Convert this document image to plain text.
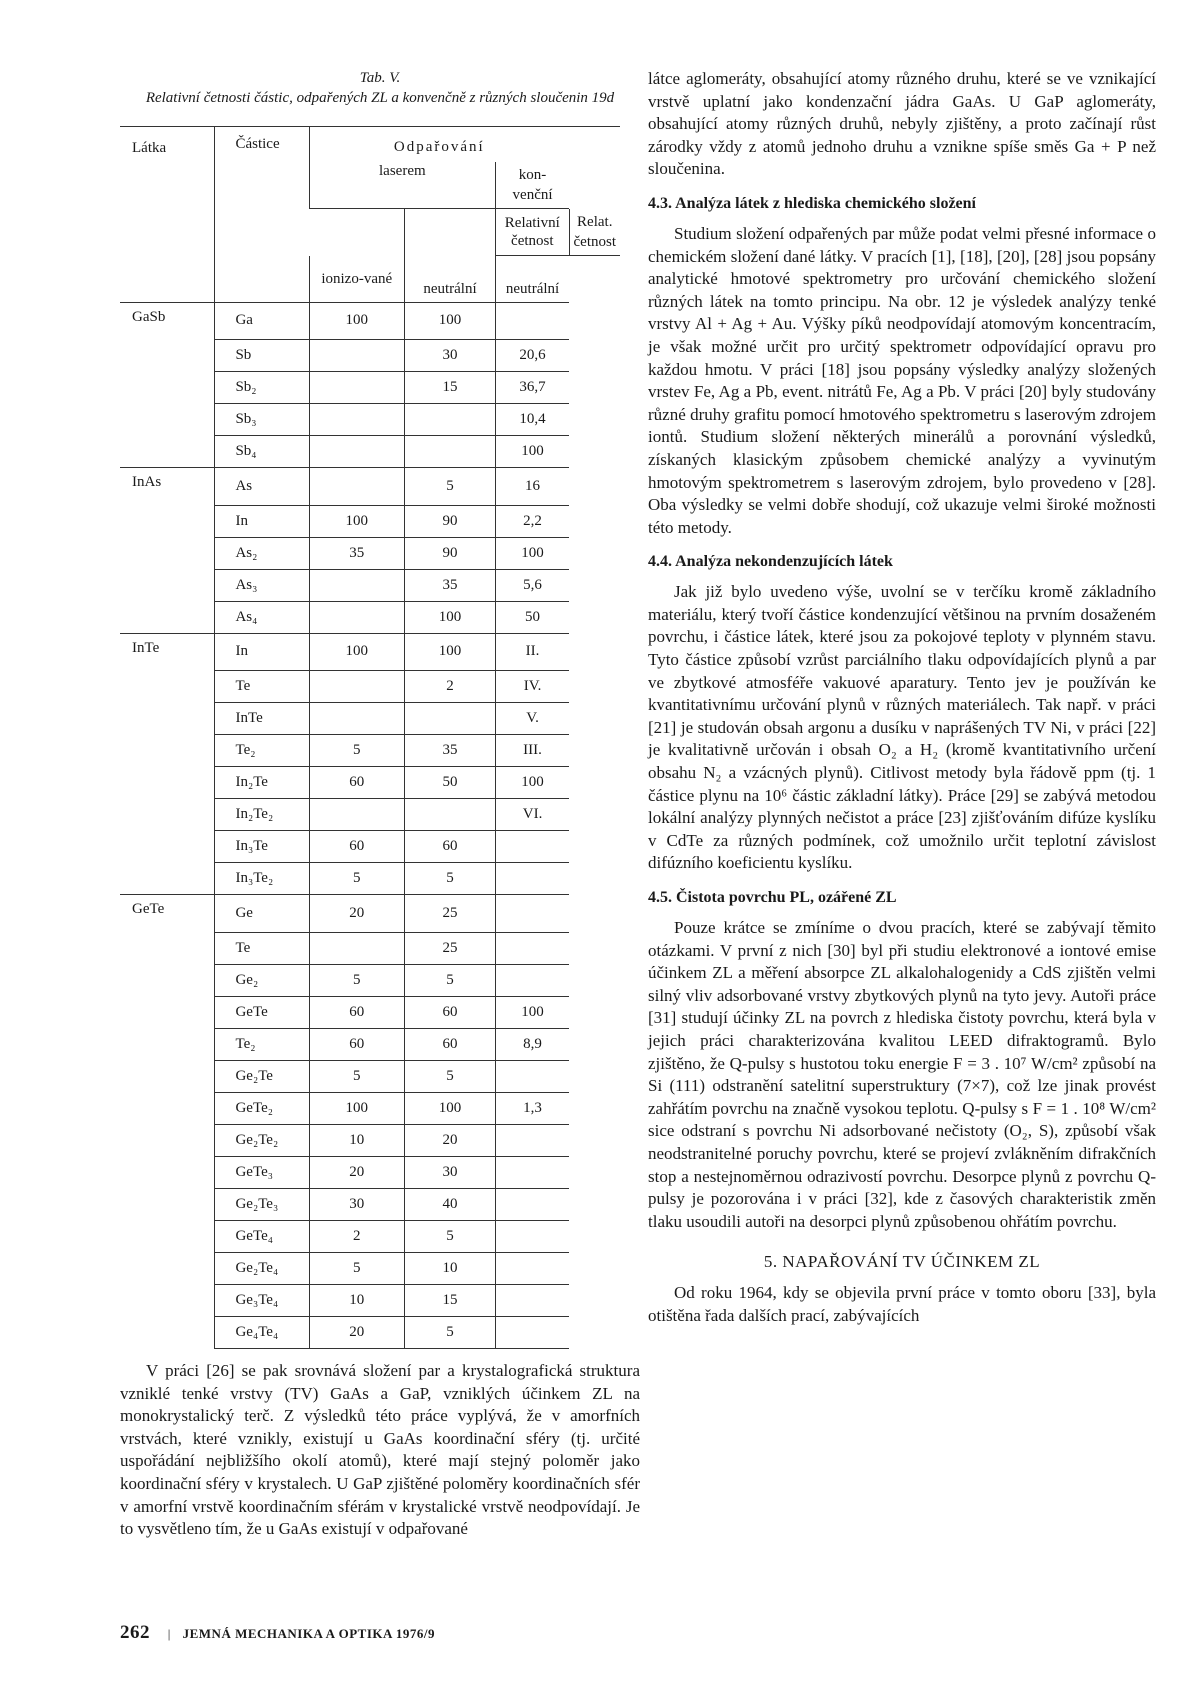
Tab. V.
Relativní četnosti částic, odpařených ZL a konvenčně z různých sloučenin 19d
Látka	Částice	Odpařování			
		laserem		kon-venční	
				Relativní četnost	Relat. četnost
		ionizo-vané	neutrální	neutrální	
GaSb	Ga	100	100		
	Sb		30	20,6	
	Sb₂		15	36,7	
	Sb₃			10,4	
	Sb₄			100	
InAs	As		5	16	
	In	100	90	2,2	
	As₂	35	90	100	
	As₃		35	5,6	
	As₄		100	50	
InTe	In	100	100	II.	
	Te		2	IV.	
	InTe			V.	
	Te₂	5	35	III.	
	In₂Te	60	50	100	
	In₂Te₂			VI.	
	In₃Te	60	60		
	In₃Te₂	5	5		
GeTe	Ge	20	25		
	Te		25		
	Ge₂	5	5		
	GeTe	60	60	100	
	Te₂	60	60	8,9	
	Ge₂Te	5	5		
	GeTe₂	100	100	1,3	
	Ge₂Te₂	10	20		
	GeTe₃	20	30		
	Ge₂Te₃	30	40		
	GeTe₄	2	5		
	Ge₂Te₄	5	10		
	Ge₃Te₄	10	15		
	Ge₄Te₄	20	5		

V práci [26] se pak srovnává složení par a krystalografická struktura vzniklé tenké vrstvy (TV) GaAs a GaP, vzniklých účinkem ZL na monokrystalický terč. Z výsledků této práce vyplývá, že v amorfních vrstvách, které vznikly, existují u GaAs koordinační sféry (tj. určité uspořádání nejbližšího okolí atomů), které mají stejný poloměr jako koordinační sféry v krystalech. U GaP zjištěné poloměry koordinačních sfér v amorfní vrstvě koordinačním sférám v krystalické vrstvě neodpovídají. Je to vysvětleno tím, že u GaAs existují v odpařované

262 | JEMNÁ MECHANIKA A OPTIKA 1976/9

látce aglomeráty, obsahující atomy různého druhu, které se ve vznikající vrstvě uplatní jako kondenzační jádra GaAs. U GaP aglomeráty, obsahující atomy různých druhů, nebyly zjištěny, a proto začínají růst zárodky vždy z atomů jednoho druhu a vznikne spíše směs Ga + P než sloučenina.

4.3. Analýza látek z hlediska chemického složení

Studium složení odpařených par může podat velmi přesné informace o chemickém složení dané látky. V pracích [1], [18], [20], [28] jsou popsány analytické hmotové spektrometry pro určování chemického složení různých látek na tomto principu. Na obr. 12 je výsledek analýzy tenké vrstvy Al + Ag + Au. Výšky píků neodpovídají atomovým koncentracím, je však možné určit pro určitý spektrometr odpovídající opravu pro každou hmotu. V práci [18] jsou popsány výsledky analýzy složených vrstev Fe, Ag a Pb, event. nitrátů Fe, Ag a Pb. V práci [20] byly studovány různé druhy grafitu pomocí hmotového spektrometru s laserovým zdrojem iontů. Studium složení některých minerálů a porovnání výsledků, získaných klasickým způsobem chemické analýzy a vyvinutým hmotovým spektrometrem s laserovým zdrojem, bylo provedeno v [28]. Oba výsledky se velmi dobře shodují, což ukazuje velmi široké možnosti této metody.

4.4. Analýza nekondenzujících látek

Jak již bylo uvedeno výše, uvolní se v terčíku kromě základního materiálu, který tvoří částice kondenzující většinou na prvním dosaženém povrchu, i částice látek, které jsou za pokojové teploty v plynném stavu. Tyto částice způsobí vzrůst parciálního tlaku odpovídajících plynů a par ve zbytkové atmosféře vakuové aparatury. Tento jev je používán ke kvantitativnímu určování plynů v různých materiálech. Tak např. v práci [21] je studován obsah argonu a dusíku v naprášených TV Ni, v práci [22] je kvalitativně určován i obsah O₂ a H₂ (kromě kvantitativního určení obsahu N₂ a vzácných plynů). Citlivost metody byla řádově ppm (tj. 1 částice plynu na 10⁶ částic základní látky). Práce [29] se zabývá metodou lokální analýzy plynných nečistot a práce [23] zjišťováním difúze kyslíku v CdTe za různých podmínek, což umožnilo určit teplotní závislost difúzního koeficientu kyslíku.

4.5. Čistota povrchu PL, ozářené ZL

Pouze krátce se zmíníme o dvou pracích, které se zabývají těmito otázkami. V první z nich [30] byl při studiu elektronové a iontové emise účinkem ZL a měření absorpce ZL alkalohalogenidy a CdS zjištěn velmi silný vliv adsorbované vrstvy zbytkových plynů na tyto jevy. Autoři práce [31] studují účinky ZL na povrch z hlediska čistoty povrchu, která byla v jejich práci charakterizována kvalitou LEED difraktogramů. Bylo zjištěno, že Q-pulsy s hustotou toku energie F = 3 . 10⁷ W/cm² způsobí na Si (111) odstranění satelitní superstruktury (7×7), což lze jinak provést zahřátím povrchu na značně vysokou teplotu. Q-pulsy s F = 1 . 10⁸ W/cm² sice odstraní s povrchu Ni adsorbované nečistoty (O₂, S), způsobí však neodstranitelné poruchy povrchu, které se projeví zvlákněním difrakčních stop a nestejnoměrnou odrazivostí povrchu. Desorpce plynů z povrchu Q-pulsy je pozorována i v práci [32], kde z časových charakteristik změn tlaku usoudili autoři na desorpci plynů způsobenou ohřátím povrchu.

5. NAPAŘOVÁNÍ TV ÚČINKEM ZL

Od roku 1964, kdy se objevila první práce v tomto oboru [33], byla otištěna řada dalších prací, zabývajících
